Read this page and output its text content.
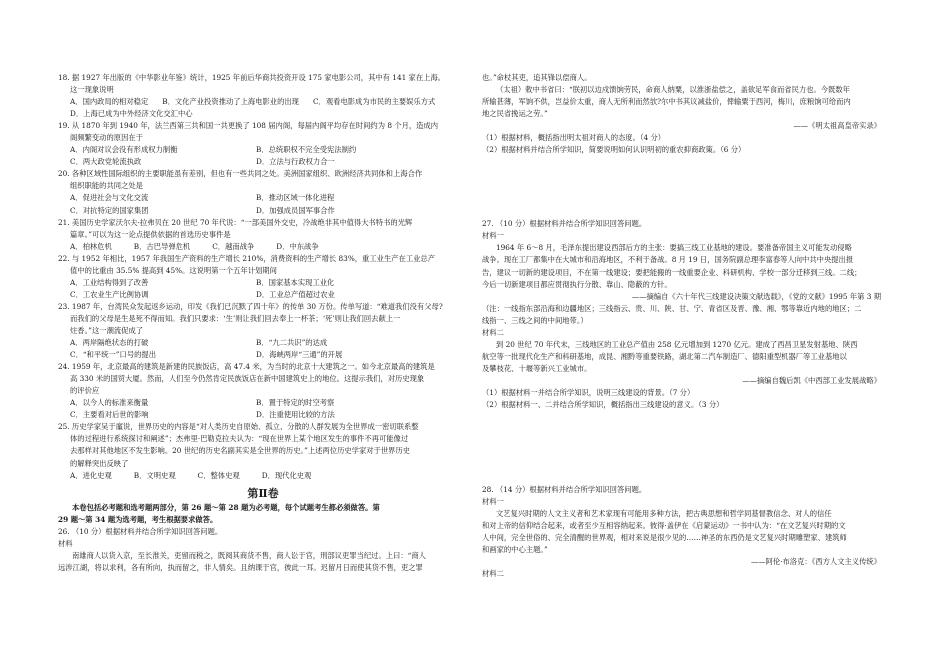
18. 据 1927 年出版的《中华影业年鉴》统计，1925 年前后华商共投资开设 175 家电影公司，其中有 141 家在上海。

这一现象说明

A．国内政局的相对稳定 B．文化产业投资推动了上海电影业的出现 C．观看电影成为市民的主要娱乐方式
D．上海已成为中外经济文化交汇中心

19. 从 1870 年到 1940 年，法兰西第三共和国一共更换了 108 届内阁，每届内阁平均存在时间约为 8 个月，造成内

阁频繁变动的原因在于

A．内阁对议会没有形成权力制衡	B．总统职权不完全受宪法制约
C．两大政党轮流执政	D．立法与行政权力合一

20. 各种区域性国际组织的主要职能虽有差别，但也有一些共同之处。美洲国家组织、欧洲经济共同体和上海合作

组织职能的共同之处是

A．促进社会与文化交流	B．推动区域一体化进程
C．对抗特定的国家集团	D．加强成员国军事合作

21. 美国历史学家沃尔夫·拉弗贝在 20 世纪 70 年代说：“一部美国外交史，冷战绝非其中值得大书特书的光辉

篇章。”可以为这一论点提供依据的首选历史事件是

A．柏林危机	B．古巴导弹危机	C．越南战争	D．中东战争

22. 与 1952 年相比，1957 年我国生产资料的生产增长 210%，消费资料的生产增长 83%，重工业生产在工业总产

值中的比重由 35.5% 提高到 45%。这说明第一个五年计划期间

A．工业结构得到了改善	B．国家基本实现工业化
C．工农业生产比例协调	D．工业总产值超过农业

23. 1987 年，台湾民众发起返乡运动，印发《我们已沉默了四十年》的传单 30 万份。传单写道：“难道我们没有父母?

而我们的父母是生是死不得而知。我们只要求：‘生’则让我们回去奉上一杯茶；‘死’则让我们回去献上一

炷香。”这一潮流促成了

A．两岸隔绝状态的打破	B．“九二共识”的达成
C．“和平统一”口号的提出	D．海峡两岸“三通”的开展

24. 1959 年，北京最高的建筑是新建的民族饭店，高 47.4 米，为当时的北京十大建筑之一。如今北京最高的建筑是

高 330 米的国贸大厦。然而，人们至今仍然肯定民族饭店在新中国建筑史上的地位。这提示我们，对历史现象

的评价应

A．以今人的标准来衡量	B．置于特定的时空考察
C．主要看对后世的影响	D．注重使用比较的方法

25. 历史学家吴于廑说，世界历史的内容是“对人类历史自原始、孤立、分散的人群发展为全世界成一密切联系整

体的过程进行系统探讨和阐述”；杰弗里·巴勒克拉夫认为：“现在世界上某个地区发生的事件不再可能像过

去那样对其他地区不发生影响。20 世纪的历史名副其实是全世界的历史。”上述两位历史学家对于世界历史

的解释突出反映了

A．进化史观	B．文明史观	C．整体史观	D．现代化史观

第Ⅱ卷

本卷包括必考题和选考题两部分，第 26 题～第 28 题为必考题，每个试题考生都必须做答。第

29 题～第 34 题为选考题，考生根据要求做答。

26. （10 分）根据材料并结合所学知识回答问题。

材料

南雄商人以货入京，至长淮关，吏留而税之，既阅其商货不售，商人讼于官，刑部议吏罪当纪过。上曰：“商人

远涉江湖，将以求利，各有所向，执而留之，非人情矣。且纳课于官，彼此一耳。迟留月日而使其货不售，吏之罪

也。”命杖其吏，追其锋以偿商人。

（太祖）敕中书省曰：“朕初以边戍馈饷劳民，命商人纳粟，以淮浙盐偿之，盖欲足军食而省民力也。今既数年

所输甚薄，军饷不供，岂益价太重，商人无所利而然欤?尔中书其议减盐价，俾输粟于西河，梅川，庶粮饷可给而内

地之民省挽运之劳。”

——《明太祖高皇帝实录》

（1）根据材料，概括指出明太祖对商人的态度。（4 分）

（2）根据材料并结合所学知识，简要说明如何认识明初的重农抑商政策。（6 分）

27. （10 分）根据材料并结合所学知识回答问题。

材料一

1964 年 6～8 月，毛泽东提出建设西部后方的主张：要搞三线工业基地的建设。要准备帝国主义可能发动侵略

战争。现在工厂都集中在大城市和沿海地区，不利于备战。8 月 19 日，国务院副总理李富春等人向中共中央提出报

告，建议一切新的建设项目，不在第一线建设；要把能搬的一线重要企业、科研机构、学校一部分迁移到三线。二线；

今后一切新建项目都应贯彻执行分散、靠山、隐蔽的方针。

——摘编自《六十年代三线建设决策文献选载》，《党的文献》1995 年第 3 期

（注：一线指东部沿海和边疆地区；三线指云、贵、川、陕、甘、宁、青省区及晋、豫、湘、鄂等靠近内地的地区；二

线指一、三线之间的中间地带。）

材料二

到 20 世纪 70 年代末，三线地区的工业总产值由 258 亿元增加到 1270 亿元。建成了西昌卫星发射基地、陕西

航空等一批现代化生产和科研基地，成昆、湘黔等重要铁路，湖北第二汽车制造厂、德阳重型机器厂等工业基地以

及攀枝花、十堰等新兴工业城市。

——摘编自魏后凯《中西部工业发展战略》

（1）根据材料一并结合所学知识，说明三线建设的背景。（7 分）

（2）根据材料一、二并结合所学知识，概括指出三线建设的意义。（3 分）

28. （14 分）根据材料并结合所学知识回答问题。

材料一

文艺复兴时期的人文主义者和艺术家现有可能用多种方法，把古典思想和哲学同基督教信念、对人的信任

和对上帝的信仰结合起来，或者至少互相容纳起来。彼得·盖伊在《启蒙运动》一书中认为：“在文艺复兴时期的文

人中间，完全世俗的、完全清醒的世界观，相对来说是很少见的……神圣的东西仍是文艺复兴时期雕塑家、建筑师

和画家的中心主题。”

——阿伦·布洛克：《西方人文主义传统》

材料二
